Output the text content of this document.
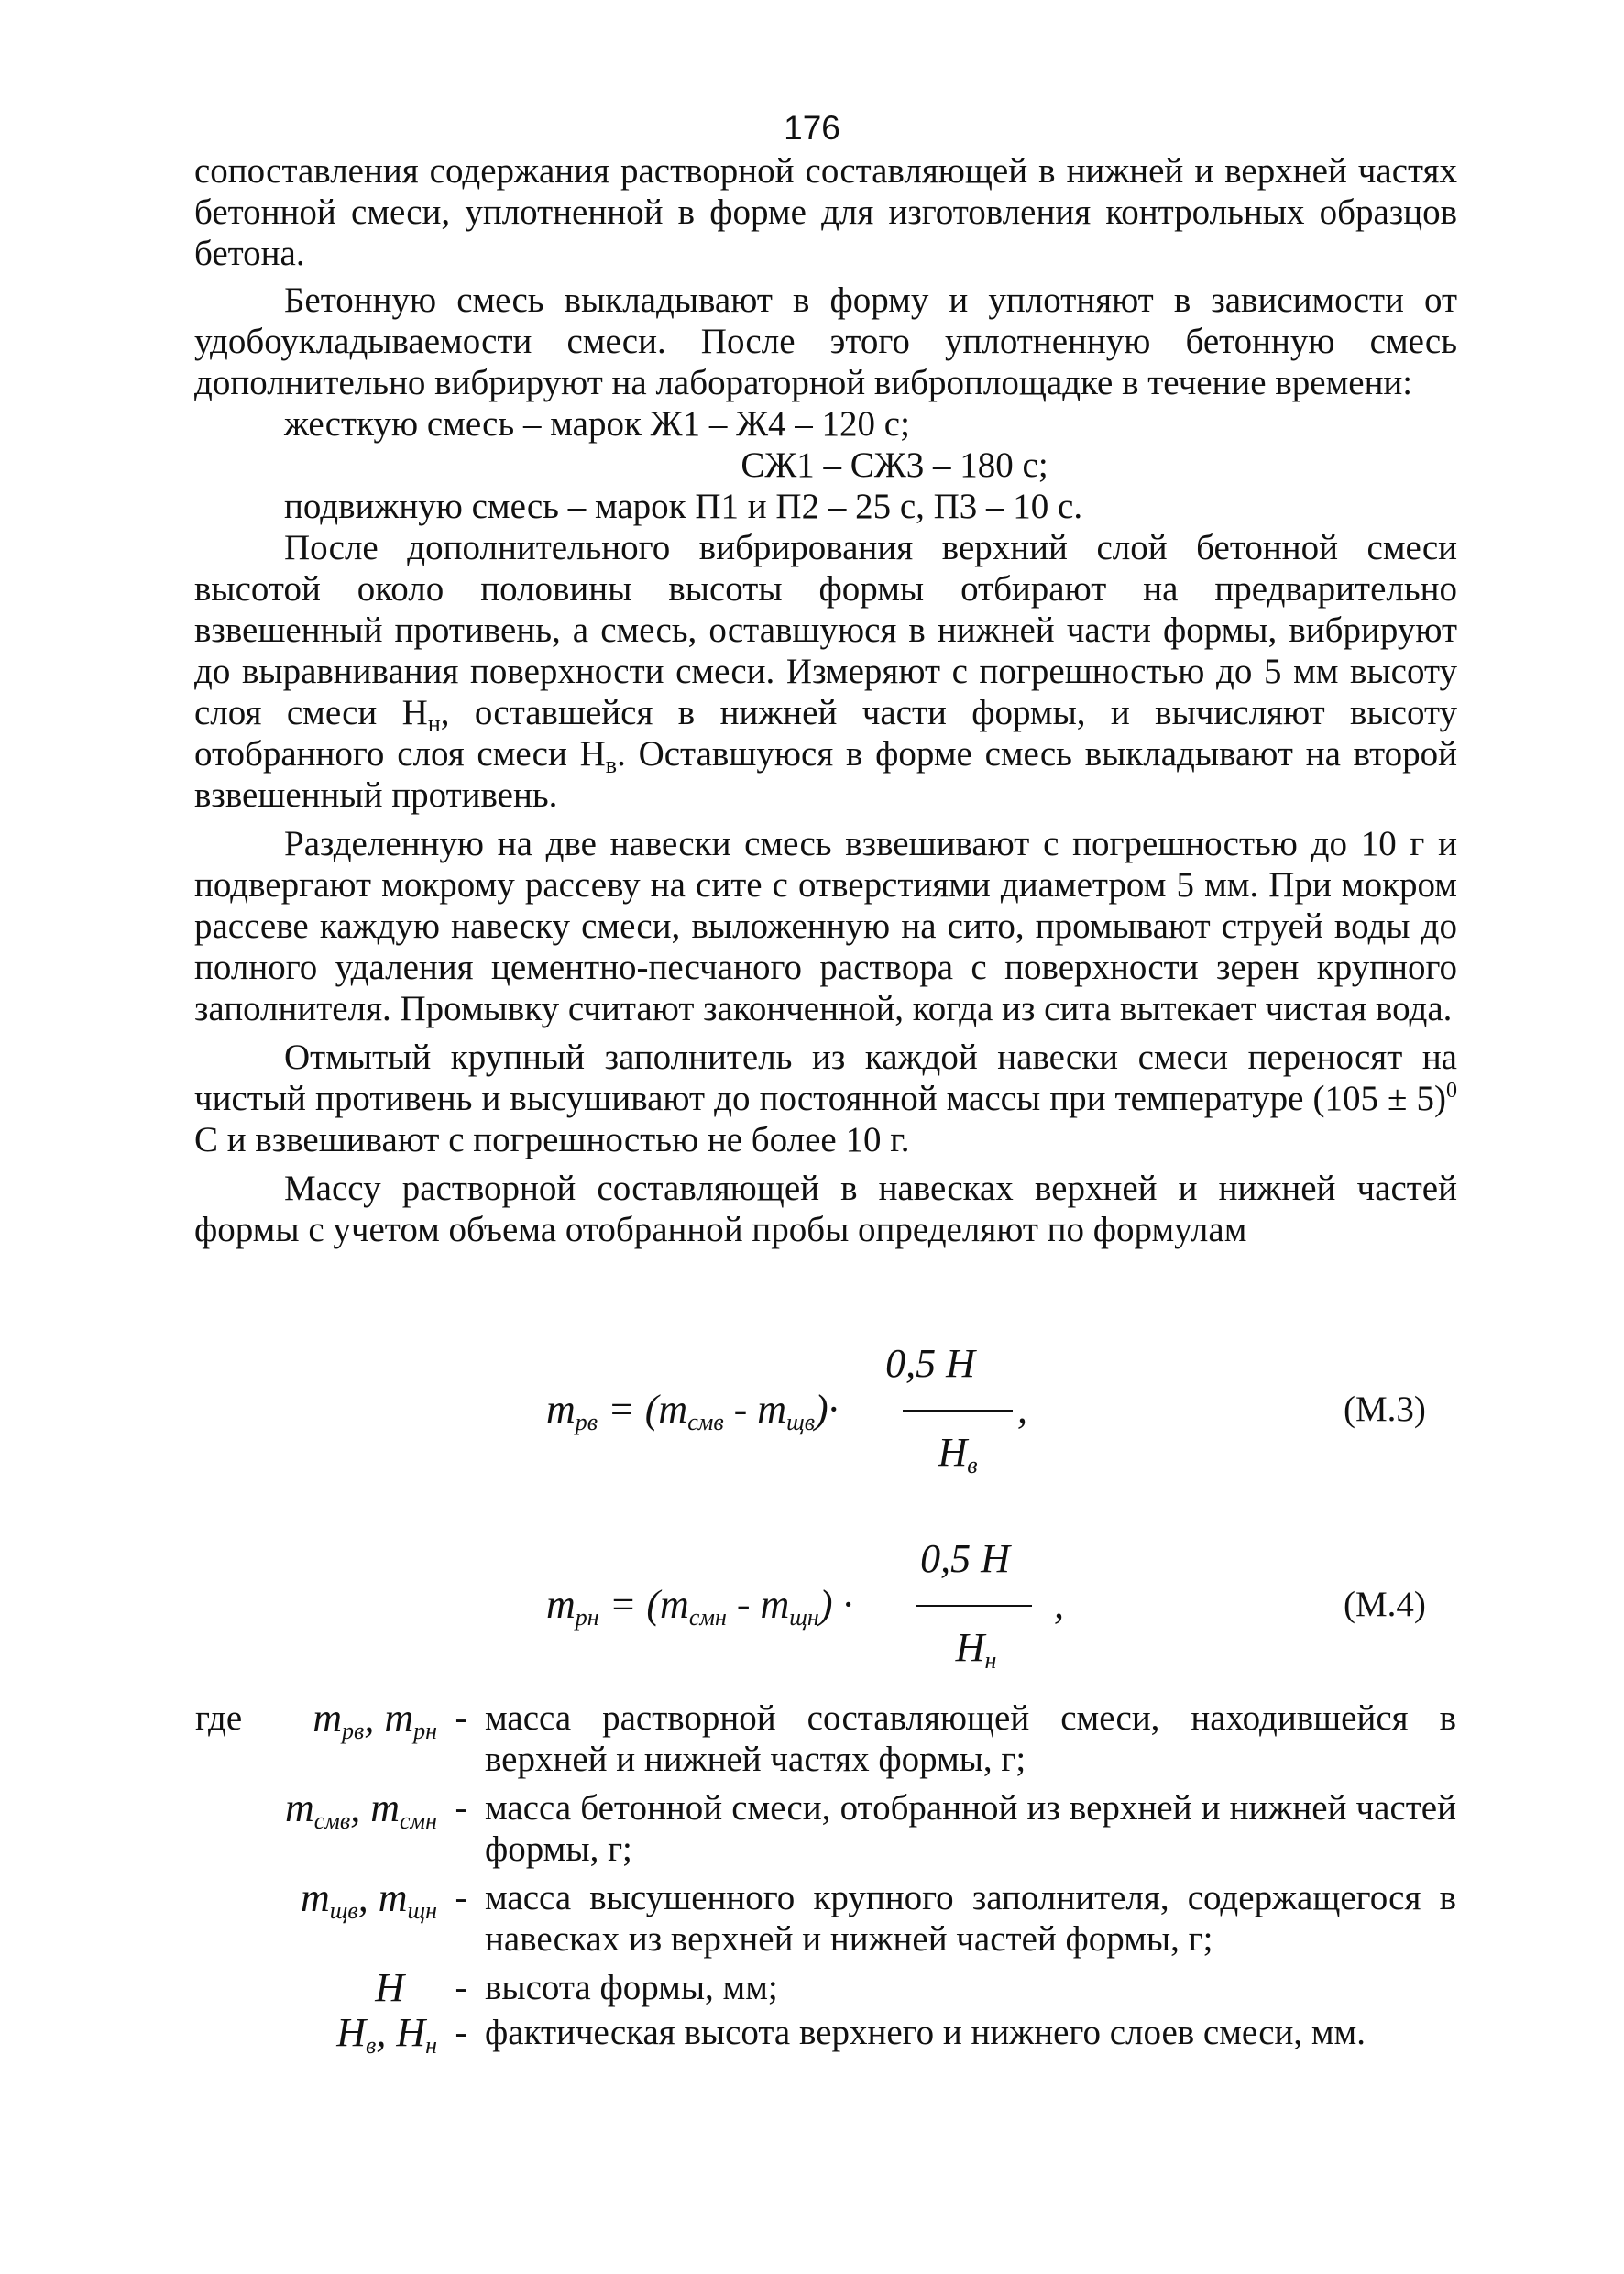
176

сопоставления содержания растворной составляющей в нижней и верхней частях бетонной смеси, уплотненной в форме для изготовления контрольных образцов бетона.

Бетонную смесь выкладывают в форму и уплотняют в зависимости от удобоукладываемости смеси. После этого уплотненную бетонную смесь дополнительно вибрируют на лабораторной виброплощадке в течение времени:

жесткую смесь – марок Ж1 – Ж4 – 120 с;

СЖ1 – СЖ3 – 180 с;

подвижную смесь – марок П1 и П2 – 25 с, П3 – 10 с.

После дополнительного вибрирования верхний слой бетонной смеси высотой около половины высоты формы отбирают на предварительно взвешенный противень, а смесь, оставшуюся в нижней части формы, вибрируют до выравнивания поверхности смеси. Измеряют с погрешностью до 5 мм высоту слоя смеси $Н_н$, оставшейся в нижней части формы, и вычисляют высоту отобранного слоя смеси $Н_в$. Оставшуюся в форме смесь выкладывают на второй взвешенный противень.

Разделенную на две навески смесь взвешивают с погрешностью до 10 г и подвергают мокрому рассеву на сите с отверстиями диаметром 5 мм. При мокром рассеве каждую навеску смеси, выложенную на сито, промывают струей воды до полного удаления цементно-песчаного раствора с поверхности зерен крупного заполнителя. Промывку считают законченной, когда из сита вытекает чистая вода.

Отмытый крупный заполнитель из каждой навески смеси переносят на чистый противень и высушивают до постоянной массы при температуре $(105 \pm 5)^0$ С и взвешивают с погрешностью не более 10 г.

Массу растворной составляющей в навесках верхней и нижней частей формы с учетом объема отобранной пробы определяют по формулам

0,5 H
$m_{рв} = (m_{смв} - m_{щв})\cdot$	,
$H_в$
(М.3)
0,5 H
$m_{рн} = (m_{смн} - m_{щн})$ ·	,
$H_н$
(М.4)
где	$m_{рв}$, $m_{рн}$ - масса растворной составляющей смеси, находившейся в верхней и нижней частях формы, г;
$m_{смв}$, $m_{смн}$ - масса бетонной смеси, отобранной из верхней и нижней частей формы, г;
$m_{щв}$, $m_{щн}$ - масса высушенного крупного заполнителя, содержащегося в навесках из верхней и нижней частей формы, г;
H	- высота формы, мм;
$H_в$, $H_н$ - фактическая высота верхнего и нижнего слоев смеси, мм.
